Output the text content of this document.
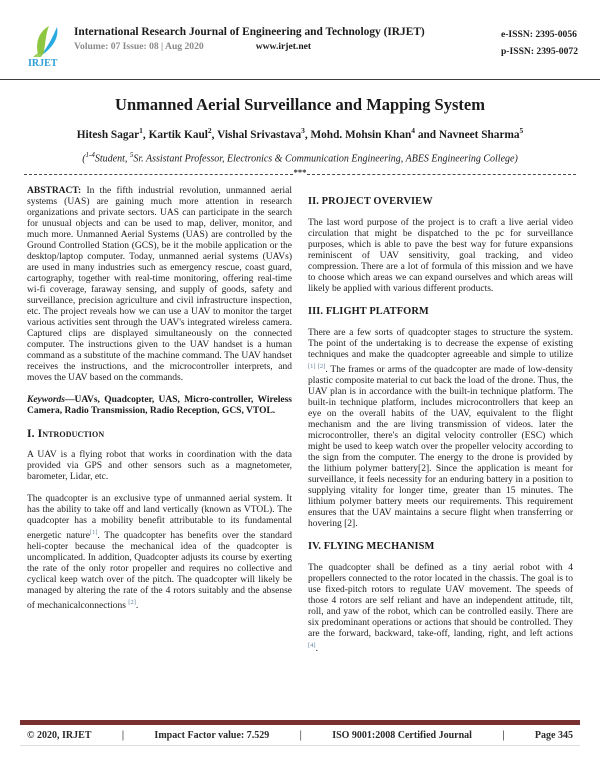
IRJET
International Research Journal of Engineering and Technology (IRJET)
Volume: 07 Issue: 08 | Aug 2020	www.irjet.net
e-ISSN: 2395-0056
p-ISSN: 2395-0072
Unmanned Aerial Surveillance and Mapping System
Hitesh Sagar$^1$, Kartik Kaul$^2$, Vishal Srivastava$^3$, Mohd. Mohsin Khan$^4$ and Navneet Sharma$^5$
($^{1-4}$Student, $^5$Sr. Assistant Professor, Electronics & Communication Engineering, ABES Engineering College)
***

ABSTRACT: In the fifth industrial revolution, unmanned aerial systems (UAS) are gaining much more attention in research organizations and private sectors. UAS can participate in the search for unusual objects and can be used to map, deliver, monitor, and much more. Unmanned Aerial Systems (UAS) are controlled by the Ground Controlled Station (GCS), be it the mobile application or the desktop/laptop computer. Today, unmanned aerial systems (UAVs) are used in many industries such as emergency rescue, coast guard, cartography, together with real-time monitoring, offering real-time wi-fi coverage, faraway sensing, and supply of goods, safety and surveillance, precision agriculture and civil infrastructure inspection, etc. The project reveals how we can use a UAV to monitor the target various activities sent through the UAV's integrated wireless camera. Captured clips are displayed simultaneously on the connected computer. The instructions given to the UAV handset is a human command as a substitute of the machine command. The UAV handset receives the instructions, and the microcontroller interprets, and moves the UAV based on the commands.

Keywords—UAVs, Quadcopter, UAS, Micro-controller, Wireless Camera, Radio Transmission, Radio Reception, GCS, VTOL.

I. Introduction

A UAV is a flying robot that works in coordination with the data provided via GPS and other sensors such as a magnetometer, barometer, Lidar, etc.

The quadcopter is an exclusive type of unmanned aerial system. It has the ability to take off and land vertically (known as VTOL). The quadcopter has a mobility benefit attributable to its fundamental energetic nature[1]. The quadcopter has benefits over the standard heli-copter because the mechanical idea of the quadcopter is uncomplicated. In addition, Quadcopter adjusts its course by exerting the rate of the only rotor propeller and requires no collective and cyclical keep watch over of the pitch. The quadcopter will likely be managed by altering the rate of the 4 rotors suitably and the absense of mechanicalconnections [2].

II. PROJECT OVERVIEW

The last word purpose of the project is to craft a live aerial video circulation that might be dispatched to the pc for surveillance purposes, which is able to pave the best way for future expansions reminiscent of UAV sensitivity, goal tracking, and video compression. There are a lot of formula of this mission and we have to choose which areas we can expand ourselves and which areas will likely be applied with various different products.

III. FLIGHT PLATFORM

There are a few sorts of quadcopter stages to structure the system. The point of the undertaking is to decrease the expense of existing techniques and make the quadcopter agreeable and simple to utilize [1] [2]. The frames or arms of the quadcopter are made of low-density plastic composite material to cut back the load of the drone. Thus, the UAV plan is in accordance with the built-in technique platform. The built-in technique platform, includes microcontrollers that keep an eye on the overall habits of the UAV, equivalent to the flight mechanism and the are living transmission of videos. later the microcontroller, there's an digital velocity controller (ESC) which might be used to keep watch over the propeller velocity according to the sign from the computer. The energy to the drone is provided by the lithium polymer battery[2]. Since the application is meant for surveillance, it feels necessity for an enduring battery in a position to supplying vitality for longer time, greater than 15 minutes. The lithium polymer battery meets our requirements. This requirement ensures that the UAV maintains a secure flight when transferring or hovering [2].

IV. FLYING MECHANISM

The quadcopter shall be defined as a tiny aerial robot with 4 propellers connected to the rotor located in the chassis. The goal is to use fixed-pitch rotors to regulate UAV movement. The speeds of those 4 rotors are self reliant and have an independent attitude, tilt, roll, and yaw of the robot, which can be controlled easily. There are six predominant operations or actions that should be controlled. They are the forward, backward, take-off, landing, right, and left actions [4].

© 2020, IRJET	|	Impact Factor value: 7.529	|	ISO 9001:2008 Certified Journal	|	Page 345
